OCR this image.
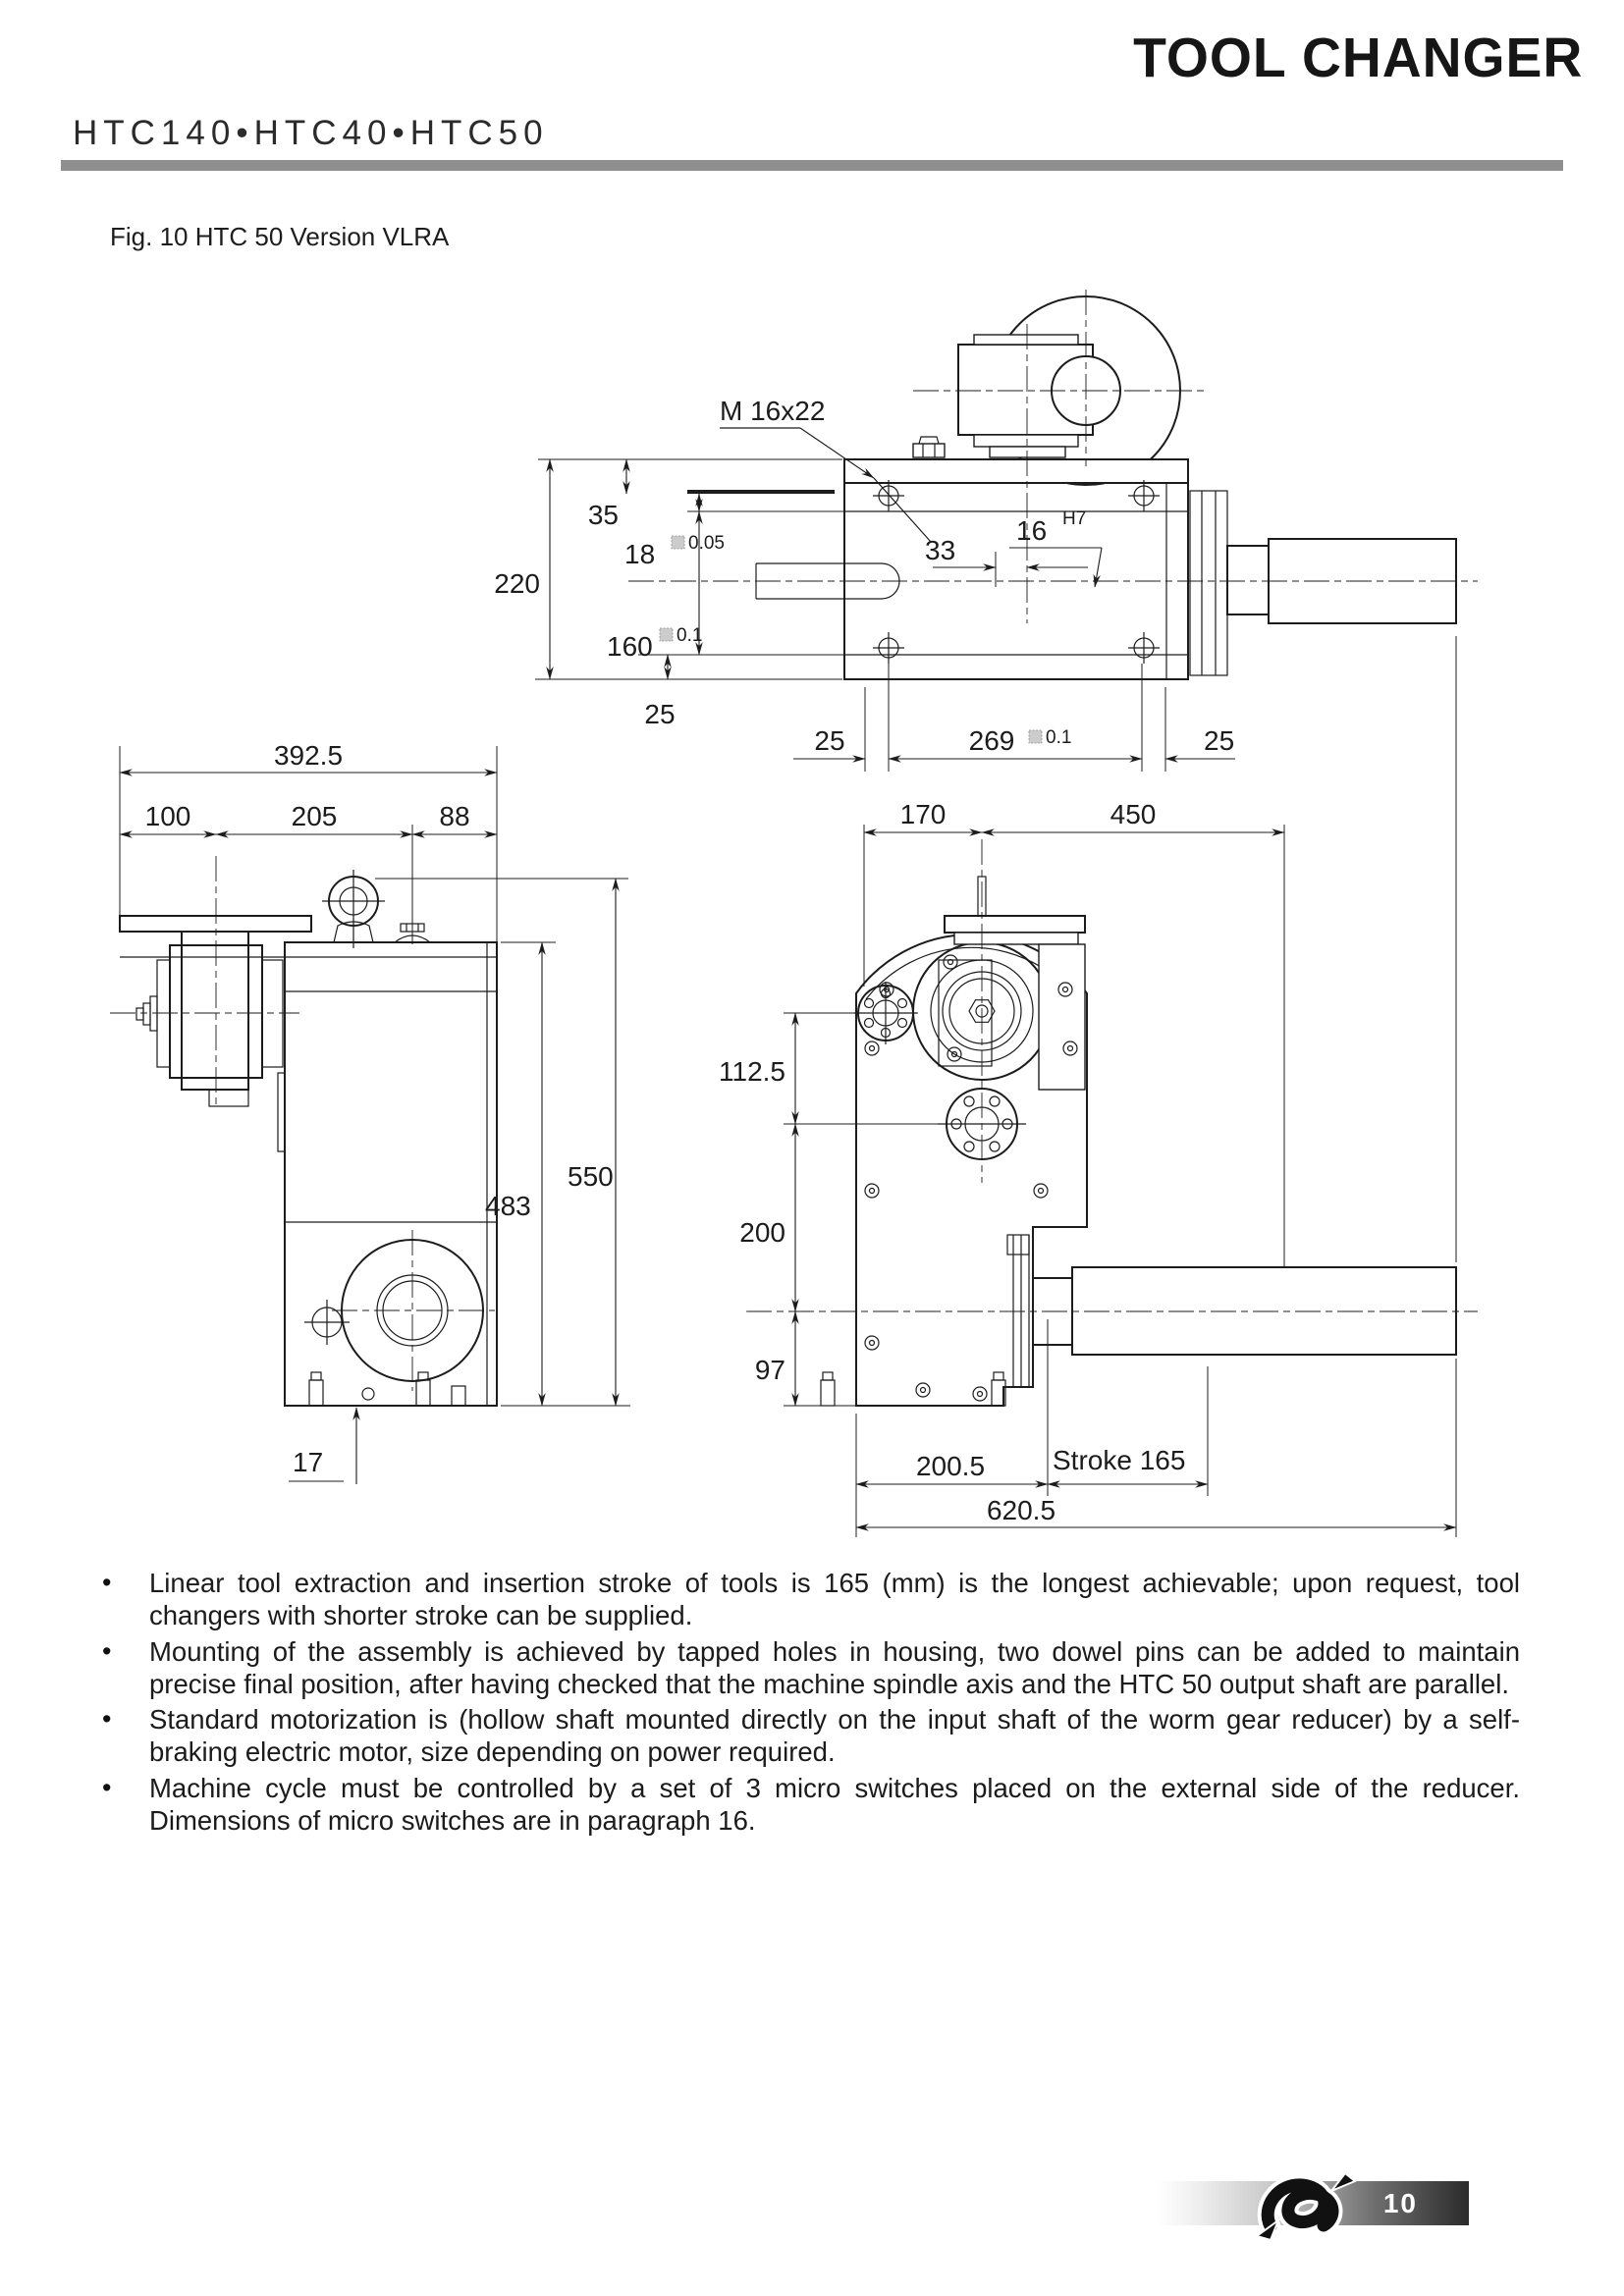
TOOL CHANGER
HTC140•HTC40•HTC50
Fig. 10 HTC 50 Version VLRA
M 16x22
220
35
18 0.05
160 0.1
25
33
16 H7
25	269 0.1	25
392.5
100	205	88
550
483
17
170	450
112.5
200
97
200.5 Stroke 165
620.5
• Linear tool extraction and insertion stroke of tools is 165 (mm) is the longest achievable; upon request, tool changers with shorter stroke can be supplied.
• Mounting of the assembly is achieved by tapped holes in housing, two dowel pins can be added to maintain precise final position, after having checked that the machine spindle axis and the HTC 50 output shaft are parallel.
• Standard motorization is (hollow shaft mounted directly on the input shaft of the worm gear reducer) by a self-braking electric motor, size depending on power required.
• Machine cycle must be controlled by a set of 3 micro switches placed on the external side of the reducer. Dimensions of micro switches are in paragraph 16.
10
